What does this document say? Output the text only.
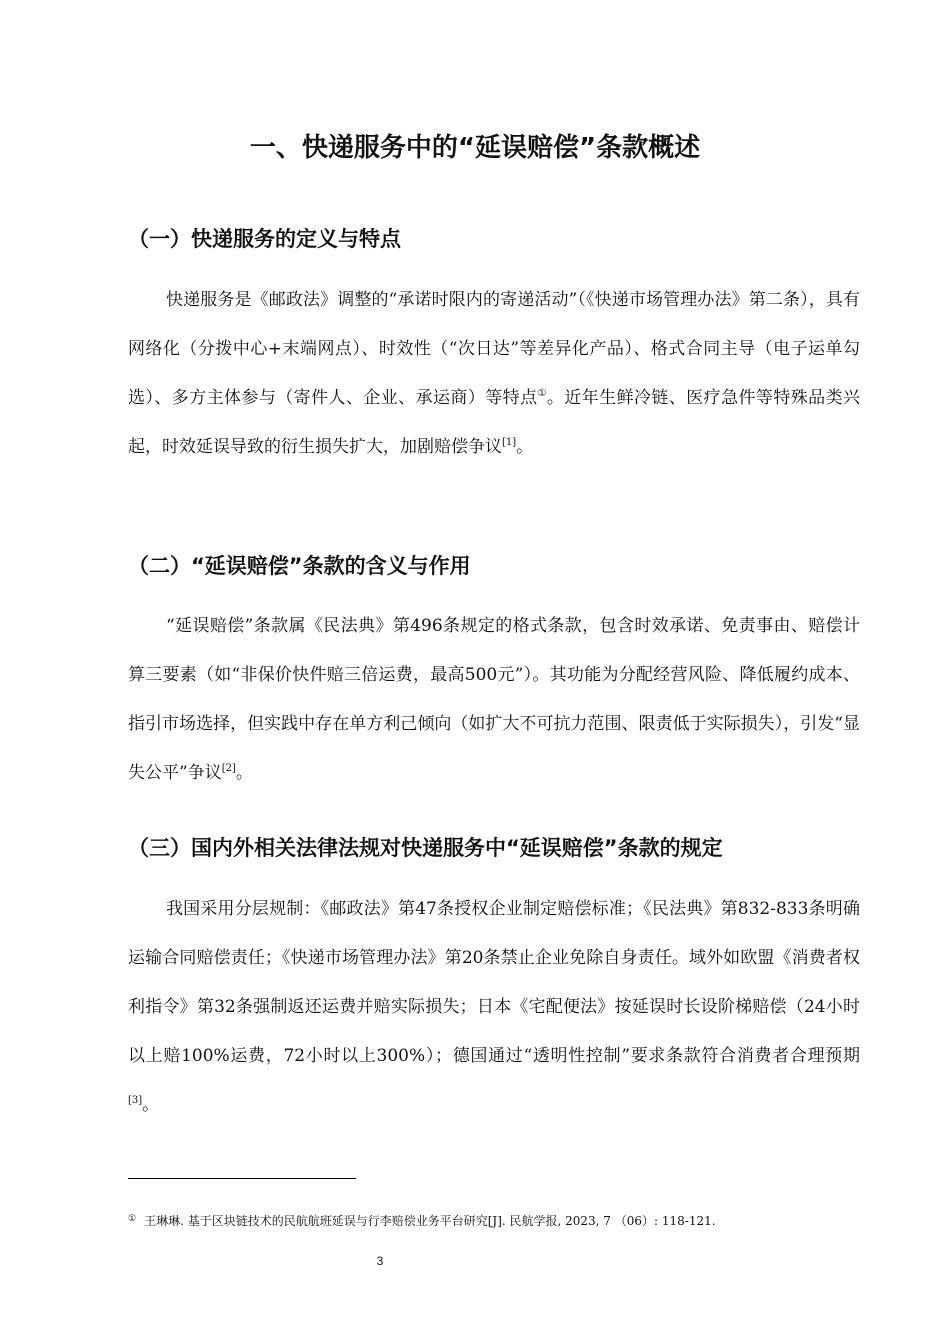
一、快递服务中的“延误赔偿”条款概述
（一）快递服务的定义与特点

快递服务是《邮政法》调整的“承诺时限内的寄递活动”（《快递市场管理办法》第二条），具有网络化（分拨中心+末端网点）、时效性（“次日达”等差异化产品）、格式合同主导（电子运单勾选）、多方主体参与（寄件人、企业、承运商）等特点①。近年生鲜冷链、医疗急件等特殊品类兴起，时效延误导致的衍生损失扩大，加剧赔偿争议[1]。

（二）“延误赔偿”条款的含义与作用

“延误赔偿”条款属《民法典》第496条规定的格式条款，包含时效承诺、免责事由、赔偿计算三要素（如“非保价快件赔三倍运费，最高500元”）。其功能为分配经营风险、降低履约成本、指引市场选择，但实践中存在单方利己倾向（如扩大不可抗力范围、限责低于实际损失），引发“显失公平”争议[2]。

（三）国内外相关法律法规对快递服务中“延误赔偿”条款的规定

我国采用分层规制：《邮政法》第47条授权企业制定赔偿标准；《民法典》第832-833条明确运输合同赔偿责任；《快递市场管理办法》第20条禁止企业免除自身责任。域外如欧盟《消费者权利指令》第32条强制返还运费并赔实际损失；日本《宅配便法》按延误时长设阶梯赔偿（24小时以上赔100%运费，72小时以上300%）；德国通过“透明性控制”要求条款符合消费者合理预期[3]。

① 王琳琳. 基于区块链技术的民航航班延误与行李赔偿业务平台研究[J]. 民航学报, 2023, 7 （06）: 118-121.

3
